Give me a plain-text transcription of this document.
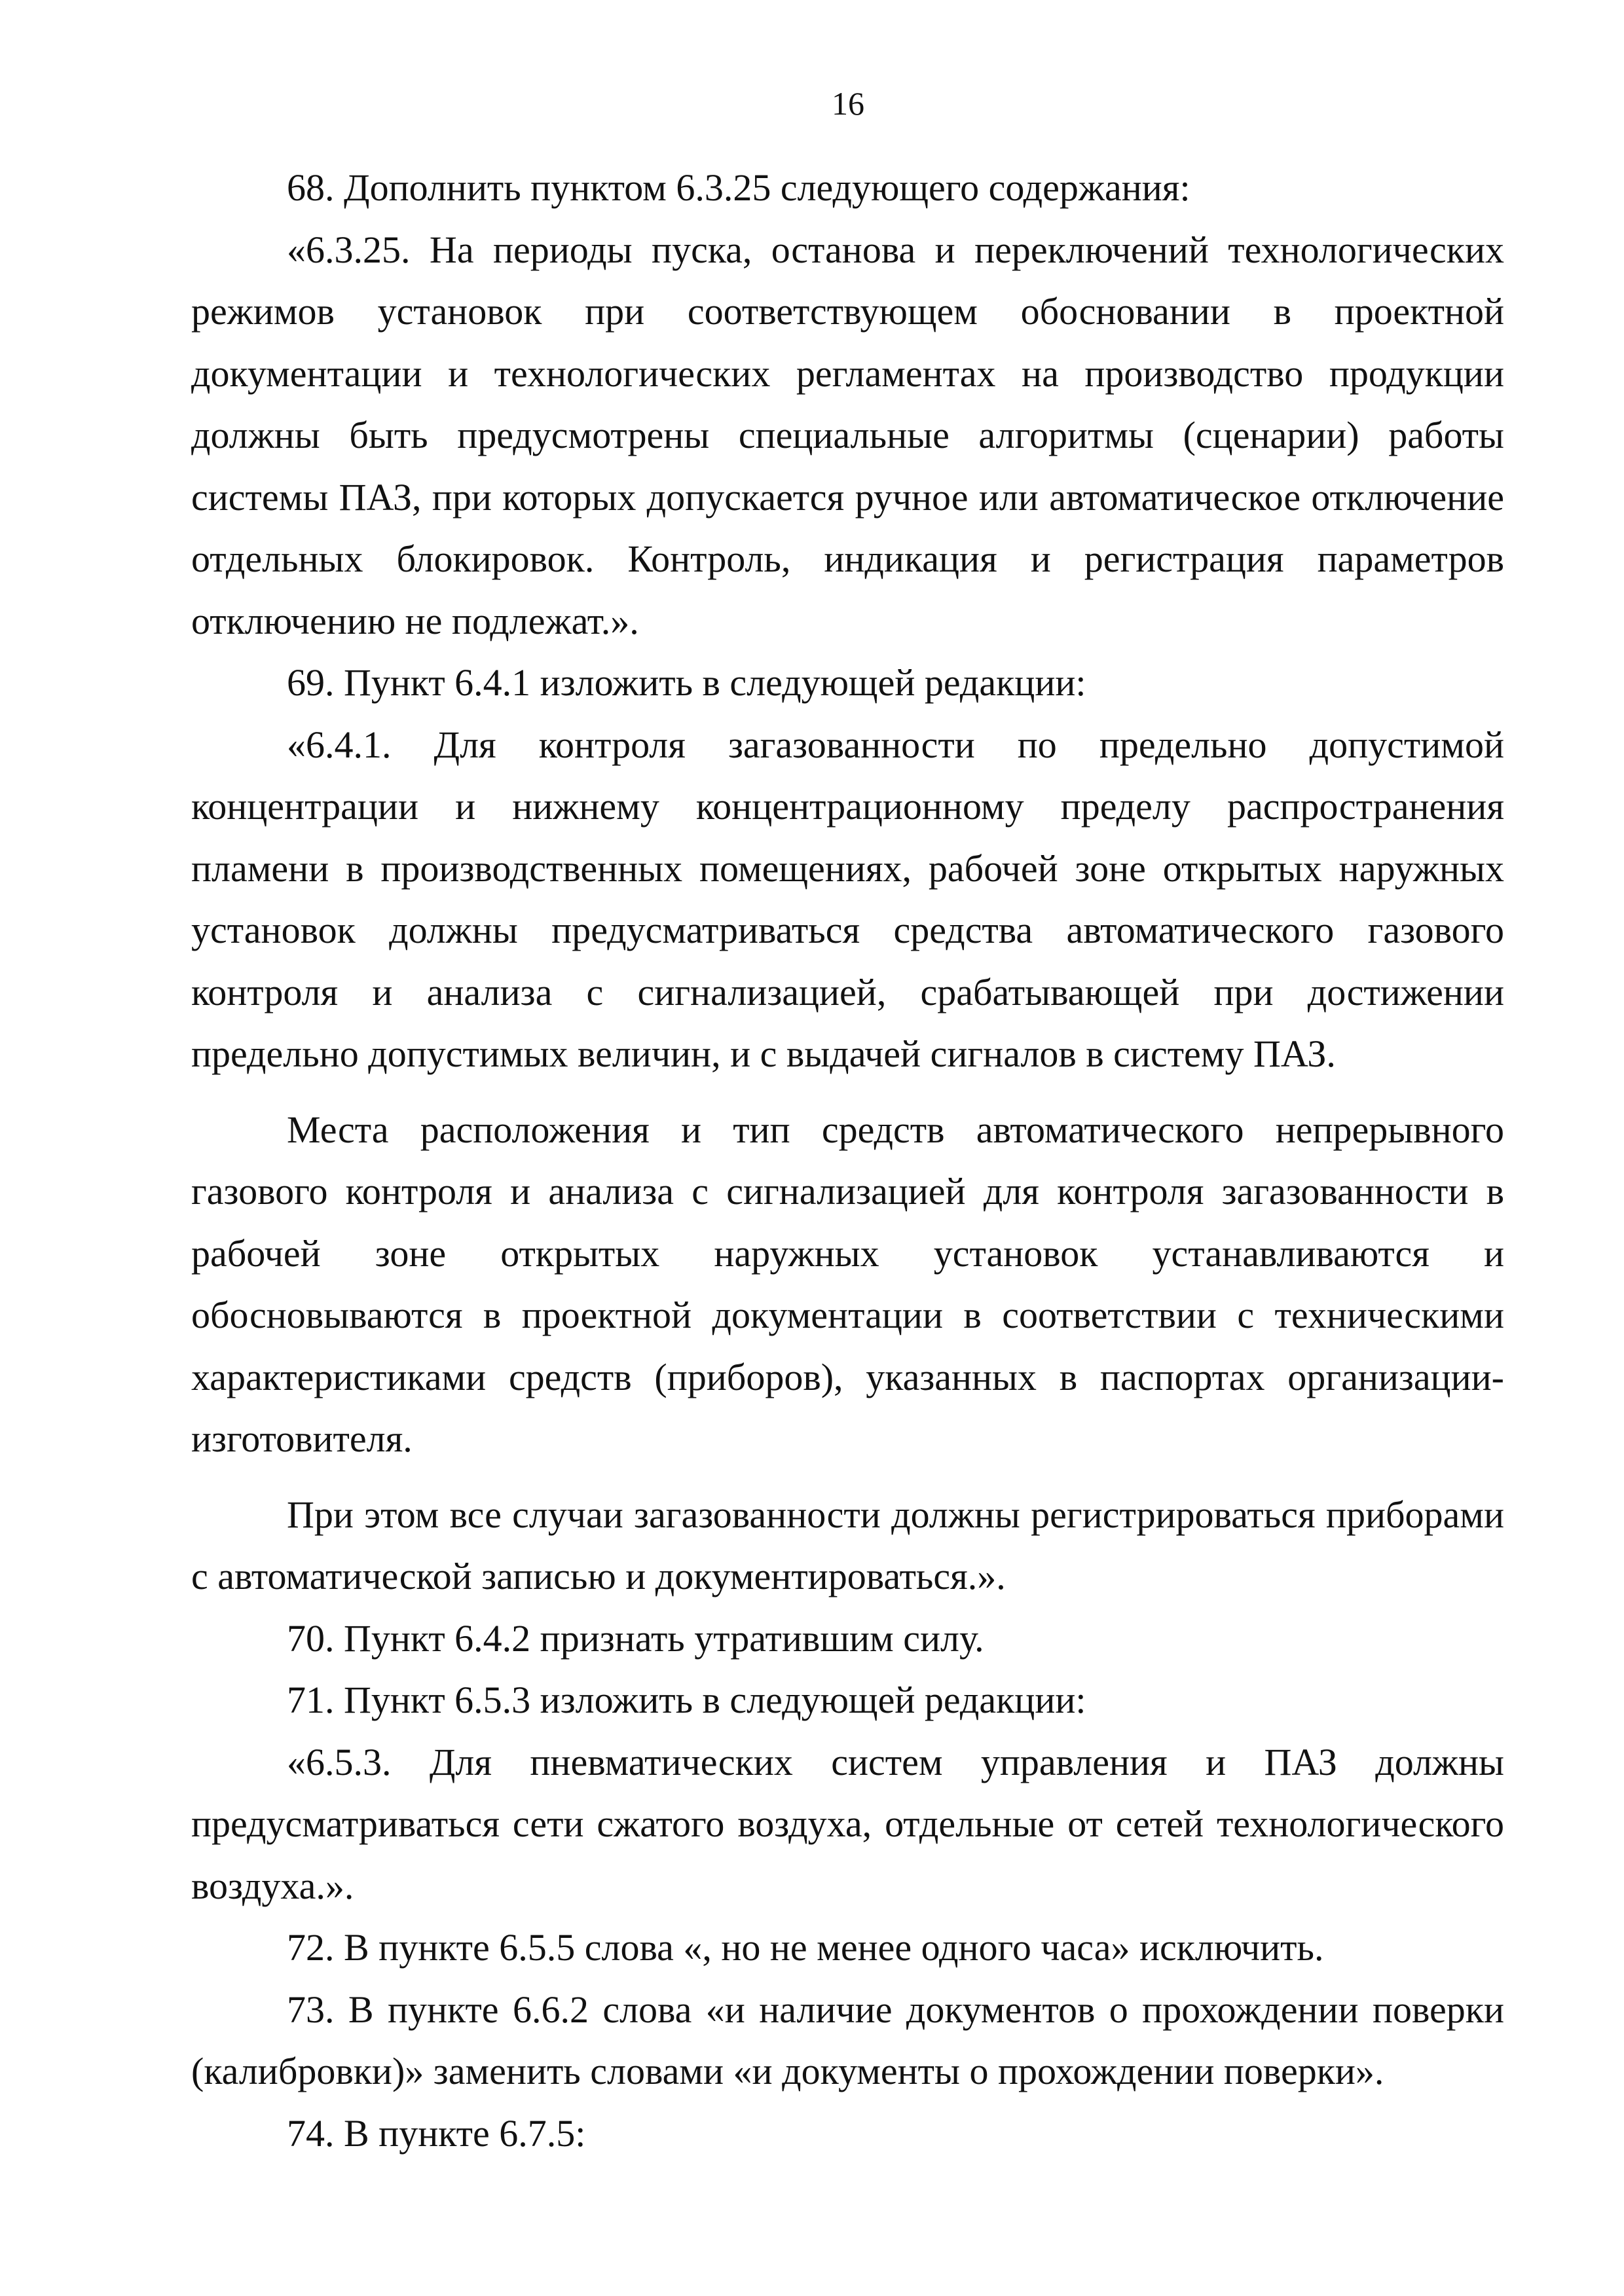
16

68. Дополнить пунктом 6.3.25 следующего содержания:

«6.3.25. На периоды пуска, останова и переключений технологических режимов установок при соответствующем обосновании в проектной документации и технологических регламентах на производство продукции должны быть предусмотрены специальные алгоритмы (сценарии) работы системы ПАЗ, при которых допускается ручное или автоматическое отключение отдельных блокировок. Контроль, индикация и регистрация параметров отключению не подлежат.».

69. Пункт 6.4.1 изложить в следующей редакции:

«6.4.1. Для контроля загазованности по предельно допустимой концентрации и нижнему концентрационному пределу распространения пламени в производственных помещениях, рабочей зоне открытых наружных установок должны предусматриваться средства автоматического газового контроля и анализа с сигнализацией, срабатывающей при достижении предельно допустимых величин, и с выдачей сигналов в систему ПАЗ.

Места расположения и тип средств автоматического непрерывного газового контроля и анализа с сигнализацией для контроля загазованности в рабочей зоне открытых наружных установок устанавливаются и обосновываются в проектной документации в соответствии с техническими характеристиками средств (приборов), указанных в паспортах организации-изготовителя.

При этом все случаи загазованности должны регистрироваться приборами с автоматической записью и документироваться.».

70. Пункт 6.4.2 признать утратившим силу.

71. Пункт 6.5.3 изложить в следующей редакции:

«6.5.3. Для пневматических систем управления и ПАЗ должны предусматриваться сети сжатого воздуха, отдельные от сетей технологического воздуха.».

72. В пункте 6.5.5 слова «, но не менее одного часа» исключить.

73. В пункте 6.6.2 слова «и наличие документов о прохождении поверки (калибровки)» заменить словами «и документы о прохождении поверки».

74. В пункте 6.7.5:
